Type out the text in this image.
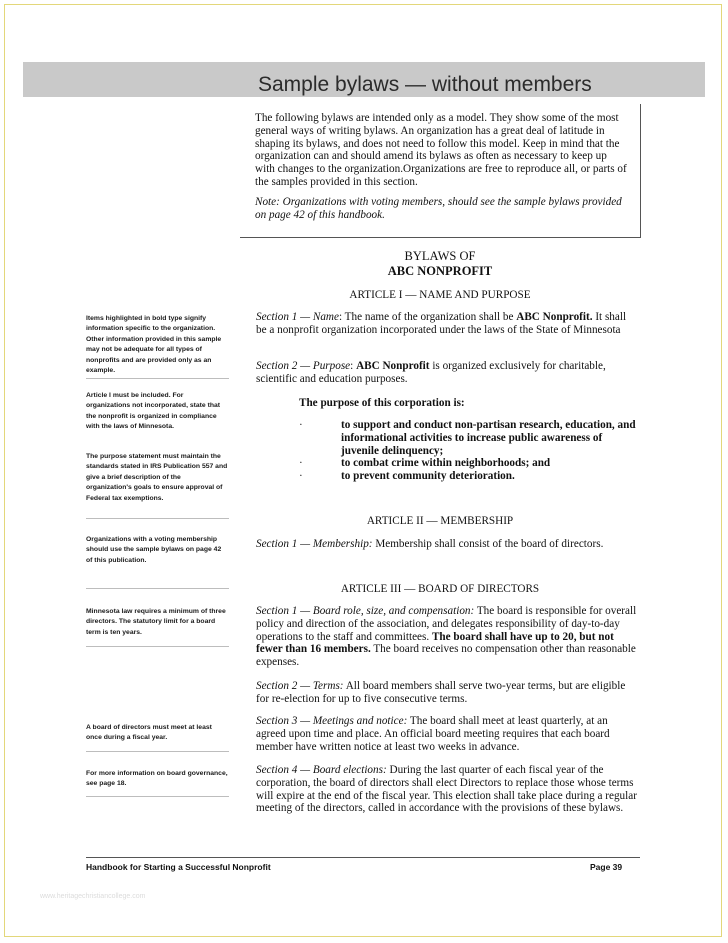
Sample bylaws — without members

The following bylaws are intended only as a model. They show some of the most general ways of writing bylaws. An organization has a great deal of latitude in shaping its bylaws, and does not need to follow this model. Keep in mind that the organization can and should amend its bylaws as often as necessary to keep up with changes to the organization.Organizations are free to reproduce all, or parts of the samples provided in this section.

Note: Organizations with voting members, should see the sample bylaws provided on page 42 of this handbook.

BYLAWS OF
ABC NONPROFIT
ARTICLE I — NAME AND PURPOSE
Section 1 — Name: The name of the organization shall be ABC Nonprofit. It shall be a nonprofit organization incorporated under the laws of the State of Minnesota
Section 2 — Purpose: ABC Nonprofit is organized exclusively for charitable, scientific and education purposes.
The purpose of this corporation is:
·	to support and conduct non-partisan research, education, and informational activities to increase public awareness of juvenile delinquency;
·	to combat crime within neighborhoods; and
·	to prevent community deterioration.
ARTICLE II — MEMBERSHIP
Section 1 — Membership: Membership shall consist of the board of directors.
ARTICLE III — BOARD OF DIRECTORS
Section 1 — Board role, size, and compensation: The board is responsible for overall policy and direction of the association, and delegates responsibility of day-to-day operations to the staff and committees. The board shall have up to 20, but not fewer than 16 members. The board receives no compensation other than reasonable expenses.
Section 2 — Terms: All board members shall serve two-year terms, but are eligible for re-election for up to five consecutive terms.
Section 3 — Meetings and notice: The board shall meet at least quarterly, at an agreed upon time and place. An official board meeting requires that each board member have written notice at least two weeks in advance.
Section 4 — Board elections: During the last quarter of each fiscal year of the corporation, the board of directors shall elect Directors to replace those whose terms will expire at the end of the fiscal year. This election shall take place during a regular meeting of the directors, called in accordance with the provisions of these bylaws.
Items highlighted in bold type signify information specific to the organization. Other information provided in this sample may not be adequate for all types of nonprofits and are provided only as an example.
Article I must be included. For organizations not incorporated, state that the nonprofit is organized in compliance with the laws of Minnesota.
The purpose statement must maintain the standards stated in IRS Publication 557 and give a brief description of the organization's goals to ensure approval of Federal tax exemptions.
Organizations with a voting membership should use the sample bylaws on page 42 of this publication.
Minnesota law requires a minimum of three directors. The statutory limit for a board term is ten years.
A board of directors must meet at least once during a fiscal year.
For more information on board governance, see page 18.
Handbook for Starting a Successful Nonprofit	Page 39
www.heritagechristiancollege.com
